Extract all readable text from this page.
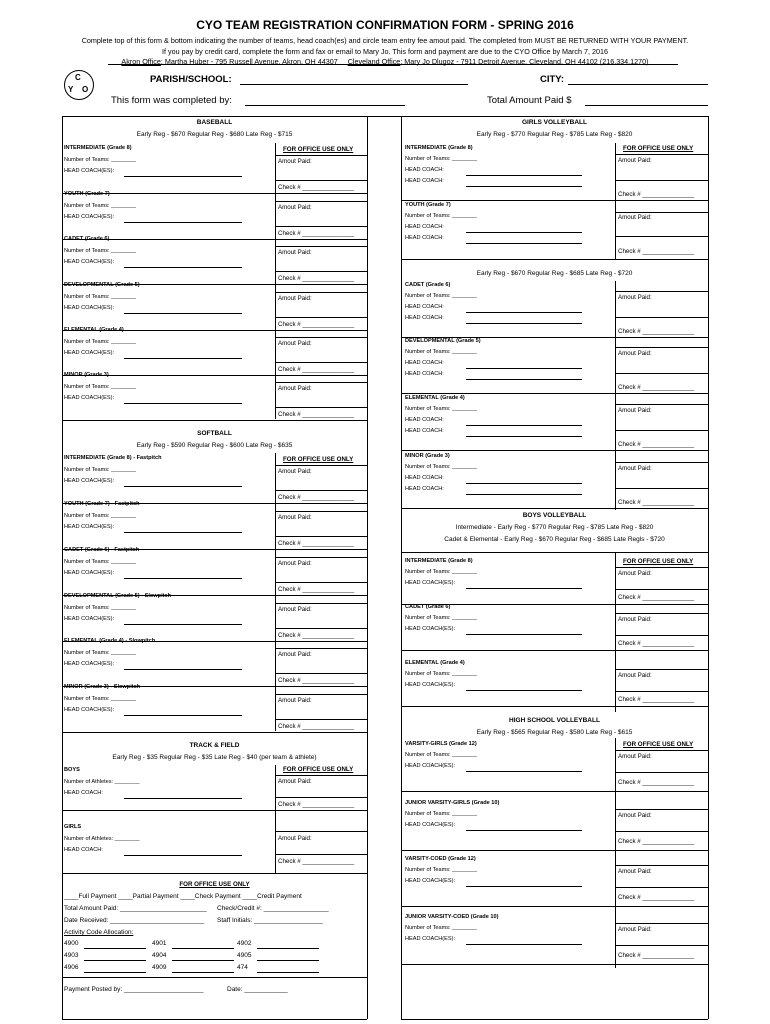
CYO TEAM REGISTRATION CONFIRMATION FORM - SPRING 2016
Complete top of this form & bottom indicating the number of teams, head coach(es) and circle team entry fee amout paid. The completed from MUST BE RETURNED WITH YOUR PAYMENT.
If you pay by credit card, complete the form and fax or email to Mary Jo. This form and payment are due to the CYO Office by March 7, 2016
Akron Office: Martha Huber - 795 Russell Avenue, Akron, OH 44307 Cleveland Office: Mary Jo Dlugoz - 7911 Detroit Avenue, Cleveland, OH 44102 (216.334.1270)
C
Y O
PARISH/SCHOOL:	CITY:
This form was completed by:	Total Amount Paid $
BASEBALL
Early Reg - $670 Regular Reg - $680 Late Reg - $715
INTERMEDIATE (Grade 8)
Number of Teams: ________
HEAD COACH(ES):
FOR OFFICE USE ONLY
Amout Paid:
Check # _______________
YOUTH (Grade 7)
Number of Teams: ________
HEAD COACH(ES):
Amout Paid:
Check # _______________
CADET (Grade 6)
Number of Teams: ________
HEAD COACH(ES):
Amout Paid:
Check # _______________
DEVELOPMENTAL (Grade 5)
Number of Teams: ________
HEAD COACH(ES):
Amout Paid:
Check # _______________
ELEMENTAL (Grade 4)
Number of Teams: ________
HEAD COACH(ES):
Amout Paid:
Check # _______________
MINOR (Grade 3)
Number of Teams: ________
HEAD COACH(ES):
Amout Paid:
Check # _______________
SOFTBALL
Early Reg - $590 Regular Reg - $600 Late Reg - $635
INTERMEDIATE (Grade 8) - Fastpitch
Number of Teams: ________
HEAD COACH(ES):
FOR OFFICE USE ONLY
Amout Paid:
Check # _______________
YOUTH (Grade 7) - Fastpitch
Number of Teams: ________
HEAD COACH(ES):
Amout Paid:
Check # _______________
CADET (Grade 6) - Fastpitch
Number of Teams: ________
HEAD COACH(ES):
Amout Paid:
Check # _______________
DEVELOPMENTAL (Grade 5) - Slowpitch
Number of Teams: ________
HEAD COACH(ES):
Amout Paid:
Check # _______________
ELEMENTAL (Grade 4) - Slowpitch
Number of Teams: ________
HEAD COACH(ES):
Amout Paid:
Check # _______________
MINOR (Grade 3) - Slowpitch
Number of Teams: ________
HEAD COACH(ES):
Amout Paid:
Check # _______________
TRACK & FIELD
Early Reg - $35 Regular Reg - $35 Late Reg - $40 (per team & athlete)
BOYS
Number of Athletes: ________
HEAD COACH:
FOR OFFICE USE ONLY
Amout Paid:
Check # _______________
GIRLS
Number of Athletes: ________
HEAD COACH:
Amout Paid:
Check # _______________
FOR OFFICE USE ONLY
____Full Payment ____Partial Payment ____Check Payment ____Credit Payment
Total Amount Paid: ________________________ Check/Credit #: __________________
Date Received: __________________________ Staff Initials: ___________________
Activity Code Allocation:
4900	4901	4902
4903	4904	4905
4906	4909	474
Payment Posted by: ______________________	Date: ____________
GIRLS VOLLEYBALL
Early Reg - $770 Regular Reg - $785 Late Reg - $820
INTERMEDIATE (Grade 8)
Number of Teams: ________
HEAD COACH:
HEAD COACH:
FOR OFFICE USE ONLY
Amout Paid:
Check # _______________
YOUTH (Grade 7)
Number of Teams: ________
HEAD COACH:
HEAD COACH:
Amout Paid:
Check # _______________
Early Reg - $670 Regular Reg - $685 Late Reg - $720
CADET (Grade 6)
Number of Teams: ________
HEAD COACH:
HEAD COACH:
Amout Paid:
Check # _______________
DEVELOPMENTAL (Grade 5)
Number of Teams: ________
HEAD COACH:
HEAD COACH:
Amout Paid:
Check # _______________
ELEMENTAL (Grade 4)
Number of Teams: ________
HEAD COACH:
HEAD COACH:
Amout Paid:
Check # _______________
MINOR (Grade 3)
Number of Teams: ________
HEAD COACH:
HEAD COACH:
Amout Paid:
Check # _______________
BOYS VOLLEYBALL
Intermediate - Early Reg - $770 Regular Reg - $785 Late Reg - $820
Cadet & Elemental - Early Reg - $670 Regular Reg - $685 Late Regls - $720
INTERMEDIATE (Grade 8)
Number of Teams: ________
HEAD COACH(ES):
FOR OFFICE USE ONLY
Amout Paid:
Check # _______________
CADET (Grade 6)
Number of Teams: ________
HEAD COACH(ES):
Amout Paid:
Check # _______________
ELEMENTAL (Grade 4)
Number of Teams: ________
HEAD COACH(ES):
Amout Paid:
Check # _______________
HIGH SCHOOL VOLLEYBALL
Early Reg - $565 Regular Reg - $580 Late Reg - $615
VARSITY-GIRLS (Grade 12)
Number of Teams: ________
HEAD COACH(ES):
FOR OFFICE USE ONLY
Amout Paid:
Check # _______________
JUNIOR VARSITY-GIRLS (Grade 10)
Number of Teams: ________
HEAD COACH(ES):
Amout Paid:
Check # _______________
VARSITY-COED (Grade 12)
Number of Teams: ________
HEAD COACH(ES):
Amout Paid:
Check # _______________
JUNIOR VARSITY-COED (Grade 10)
Number of Teams: ________
HEAD COACH(ES):
Amout Paid:
Check # _______________
